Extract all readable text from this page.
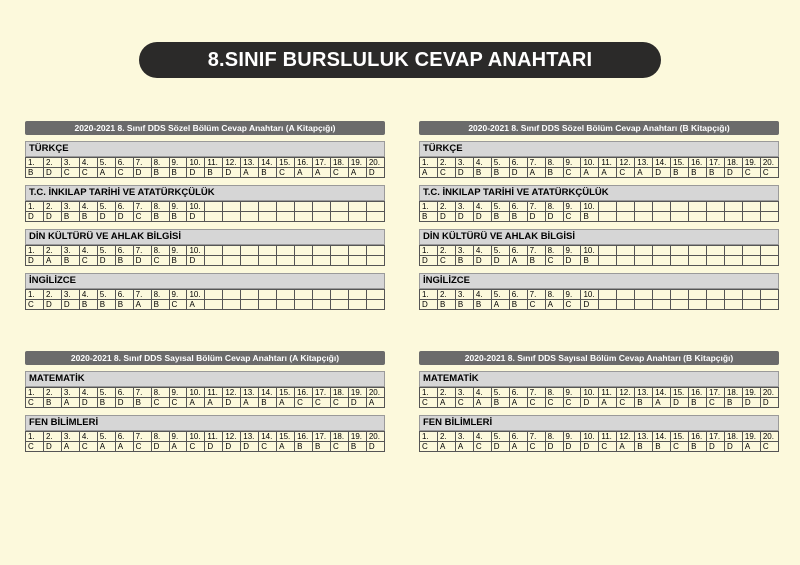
8.SINIF BURSLULUK CEVAP ANAHTARI
2020-2021 8. Sınıf DDS Sözel Bölüm Cevap Anahtarı (A Kitapçığı)
TÜRKÇE
1.	2.	3.	4.	5.	6.	7.	8.	9.	10.	11.	12.	13.	14.	15.	16.	17.	18.	19.	20.
B	D	C	C	A	C	D	B	B	D	B	D	A	B	C	A	A	C	A	D
T.C. İNKILAP TARİHİ VE ATATÜRKÇÜLÜK
1.	2.	3.	4.	5.	6.	7.	8.	9.	10.										
D	D	B	B	D	D	C	B	B	D										
DİN KÜLTÜRÜ VE AHLAK BİLGİSİ
1.	2.	3.	4.	5.	6.	7.	8.	9.	10.										
D	A	B	C	D	B	D	C	B	D										
İNGİLİZCE
1.	2.	3.	4.	5.	6.	7.	8.	9.	10.										
C	D	D	B	B	B	A	B	C	A										
2020-2021 8. Sınıf DDS Sözel Bölüm Cevap Anahtarı (B Kitapçığı)
TÜRKÇE
1.	2.	3.	4.	5.	6.	7.	8.	9.	10.	11.	12.	13.	14.	15.	16.	17.	18.	19.	20.
A	C	D	B	B	D	A	B	C	A	A	C	A	D	B	B	B	D	C	C
T.C. İNKILAP TARİHİ VE ATATÜRKÇÜLÜK
1.	2.	3.	4.	5.	6.	7.	8.	9.	10.										
B	D	D	D	B	B	D	D	C	B										
DİN KÜLTÜRÜ VE AHLAK BİLGİSİ
1.	2.	3.	4.	5.	6.	7.	8.	9.	10.										
D	C	B	D	D	A	B	C	D	B										
İNGİLİZCE
1.	2.	3.	4.	5.	6.	7.	8.	9.	10.										
D	B	B	B	A	B	C	A	C	D										
2020-2021 8. Sınıf DDS Sayısal Bölüm Cevap Anahtarı (A Kitapçığı)
MATEMATİK
1.	2.	3.	4.	5.	6.	7.	8.	9.	10.	11.	12.	13.	14.	15.	16.	17.	18.	19.	20.
C	B	A	D	B	D	B	C	C	A	A	D	A	B	A	C	C	C	D	A
FEN BİLİMLERİ
1.	2.	3.	4.	5.	6.	7.	8.	9.	10.	11.	12.	13.	14.	15.	16.	17.	18.	19.	20.
C	D	A	C	A	A	C	D	A	C	D	D	D	C	A	B	B	C	B	D
2020-2021 8. Sınıf DDS Sayısal Bölüm Cevap Anahtarı (B Kitapçığı)
MATEMATİK
1.	2.	3.	4.	5.	6.	7.	8.	9.	10.	11.	12.	13.	14.	15.	16.	17.	18.	19.	20.
C	A	C	A	B	A	C	C	C	D	A	C	B	A	D	B	C	B	D	D
FEN BİLİMLERİ
1.	2.	3.	4.	5.	6.	7.	8.	9.	10.	11.	12.	13.	14.	15.	16.	17.	18.	19.	20.
C	A	A	C	D	A	C	D	D	D	C	A	B	B	C	B	D	D	A	C
